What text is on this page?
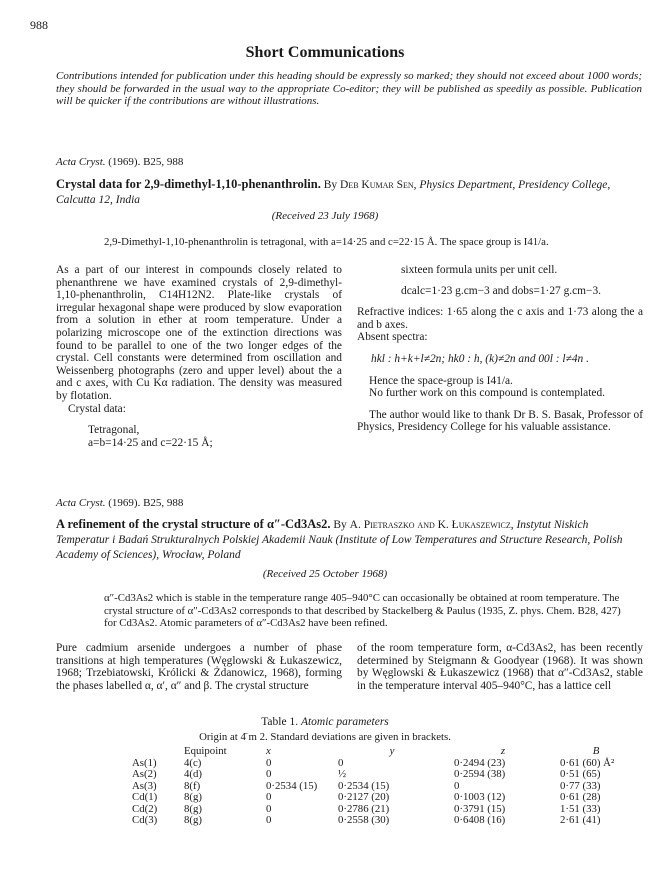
988
Short Communications
Contributions intended for publication under this heading should be expressly so marked; they should not exceed about 1000 words; they should be forwarded in the usual way to the appropriate Co-editor; they will be published as speedily as possible. Publication will be quicker if the contributions are without illustrations.
Acta Cryst. (1969). B25, 988
Crystal data for 2,9-dimethyl-1,10-phenanthrolin. By Deb Kumar Sen, Physics Department, Presidency College, Calcutta 12, India
(Received 23 July 1968)
2,9-Dimethyl-1,10-phenanthrolin is tetragonal, with a=14·25 and c=22·15 Å. The space group is I41/a.

As a part of our interest in compounds closely related to phenanthrene we have examined crystals of 2,9-dimethyl-1,10-phenanthrolin, C14H12N2. Plate-like crystals of irregular hexagonal shape were produced by slow evaporation from a solution in ether at room temperature. Under a polarizing microscope one of the extinction directions was found to be parallel to one of the two longer edges of the crystal. Cell constants were determined from oscillation and Weissenberg photographs (zero and upper level) about the a and c axes, with Cu Kα radiation. The density was measured by flotation.

Crystal data:

Tetragonal,

a=b=14·25 and c=22·15 Å;

sixteen formula units per unit cell.

dcalc=1·23 g.cm−3 and dobs=1·27 g.cm−3.

Refractive indices: 1·65 along the c axis and 1·73 along the a and b axes.

Absent spectra:

hkl : h+k+l≠2n; hk0 : h, (k)≠2n and 00l : l≠4n .

Hence the space-group is I41/a.

No further work on this compound is contemplated.

The author would like to thank Dr B. S. Basak, Professor of Physics, Presidency College for his valuable assistance.

Acta Cryst. (1969). B25, 988
A refinement of the crystal structure of α″-Cd3As2. By A. Pietraszko and K. Łukaszewicz, Instytut Niskich Temperatur i Badań Strukturalnych Polskiej Akademii Nauk (Institute of Low Temperatures and Structure Research, Polish Academy of Sciences), Wrocław, Poland
(Received 25 October 1968)
α″-Cd3As2 which is stable in the temperature range 405–940°C can occasionally be obtained at room temperature. The crystal structure of α″-Cd3As2 corresponds to that described by Stackelberg & Paulus (1935, Z. phys. Chem. B28, 427) for Cd3As2. Atomic parameters of α″-Cd3As2 have been refined.

Pure cadmium arsenide undergoes a number of phase transitions at high temperatures (Węglowski & Łukaszewicz, 1968; Trzebiatowski, Królicki & Żdanowicz, 1968), forming the phases labelled α, α′, α″ and β. The crystal structure

of the room temperature form, α-Cd3As2, has been recently determined by Steigmann & Goodyear (1968). It was shown by Węglowski & Łukaszewicz (1968) that α″-Cd3As2, stable in the temperature interval 405–940°C, has a lattice cell

Table 1. Atomic parameters
Origin at 4̄ m 2. Standard deviations are given in brackets.
	Equipoint	x	y	z	B
As(1)	4(c)	0	0	0·2494 (23)	0·61 (60) Å²
As(2)	4(d)	0	½	0·2594 (38)	0·51 (65)
As(3)	8(f)	0·2534 (15)	0·2534 (15)	0	0·77 (33)
Cd(1)	8(g)	0	0·2127 (20)	0·1003 (12)	0·61 (28)
Cd(2)	8(g)	0	0·2786 (21)	0·3791 (15)	1·51 (33)
Cd(3)	8(g)	0	0·2558 (30)	0·6408 (16)	2·61 (41)
